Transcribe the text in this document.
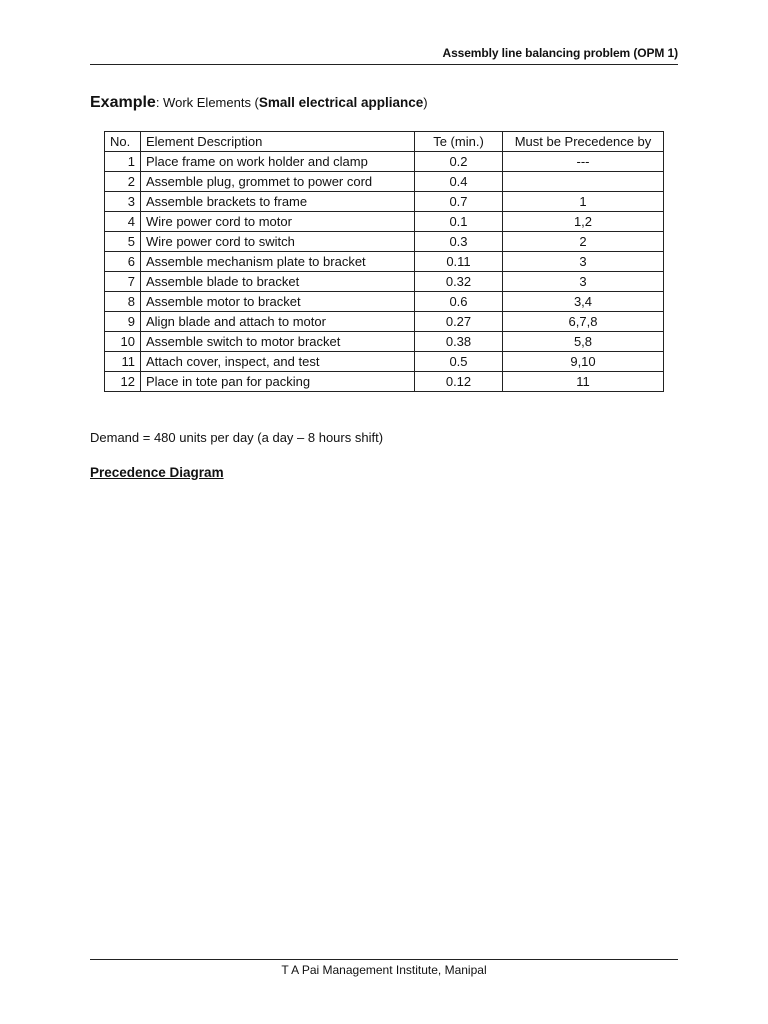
Assembly line balancing problem (OPM 1)
Example: Work Elements (Small electrical appliance)
No.	Element Description	Te (min.)	Must be Precedence by
1	Place frame on work holder and clamp	0.2	---
2	Assemble plug, grommet to power cord	0.4	
3	Assemble brackets to frame	0.7	1
4	Wire power cord to motor	0.1	1,2
5	Wire power cord to switch	0.3	2
6	Assemble mechanism plate to bracket	0.11	3
7	Assemble blade to bracket	0.32	3
8	Assemble motor to bracket	0.6	3,4
9	Align blade and attach to motor	0.27	6,7,8
10	Assemble switch to motor bracket	0.38	5,8
11	Attach cover, inspect, and test	0.5	9,10
12	Place in tote pan for packing	0.12	11
Demand = 480 units per day (a day – 8 hours shift)
Precedence Diagram
T A Pai Management Institute, Manipal
